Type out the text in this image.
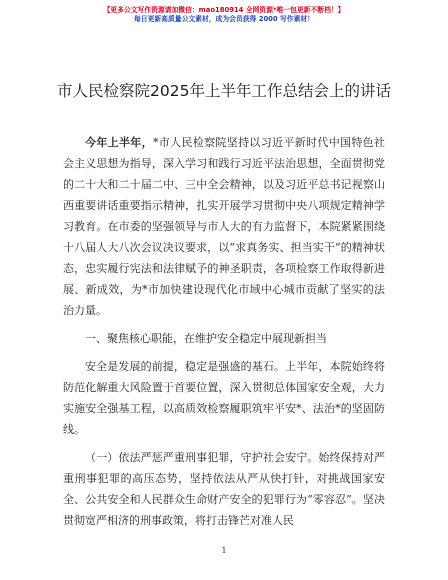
【更多公文写作资源请加微信：mao180914 全网资源*唯一包更新不断档！】
每日更新高质量公文素材，成为会员获得 2000 写作素材！
市人民检察院2025年上半年工作总结会上的讲话

今年上半年，*市人民检察院坚持以习近平新时代中国特色社会主义思想为指导，深入学习和践行习近平法治思想，全面贯彻党的二十大和二十届二中、三中全会精神，以及习近平总书记视察山西重要讲话重要指示精神，扎实开展学习贯彻中央八项规定精神学习教育。在市委的坚强领导与市人大的有力监督下，本院紧紧围绕十八届人大八次会议决议要求，以“求真务实、担当实干”的精神状态，忠实履行宪法和法律赋予的神圣职责，各项检察工作取得新进展、新成效，为*市加快建设现代化市域中心城市贡献了坚实的法治力量。

一、聚焦核心职能，在维护安全稳定中展现新担当

安全是发展的前提，稳定是强盛的基石。上半年，本院始终将防范化解重大风险置于首要位置，深入贯彻总体国家安全观，大力实施安全强基工程，以高质效检察履职筑牢平安*、法治*的坚固防线。

（一）依法严惩严重刑事犯罪，守护社会安宁。始终保持对严重刑事犯罪的高压态势，坚持依法从严从快打针，对挑战国家安全、公共安全和人民群众生命财产安全的犯罪行为“零容忍”。坚决贯彻宽严相济的刑事政策，将打击锋芒对准人民

1
